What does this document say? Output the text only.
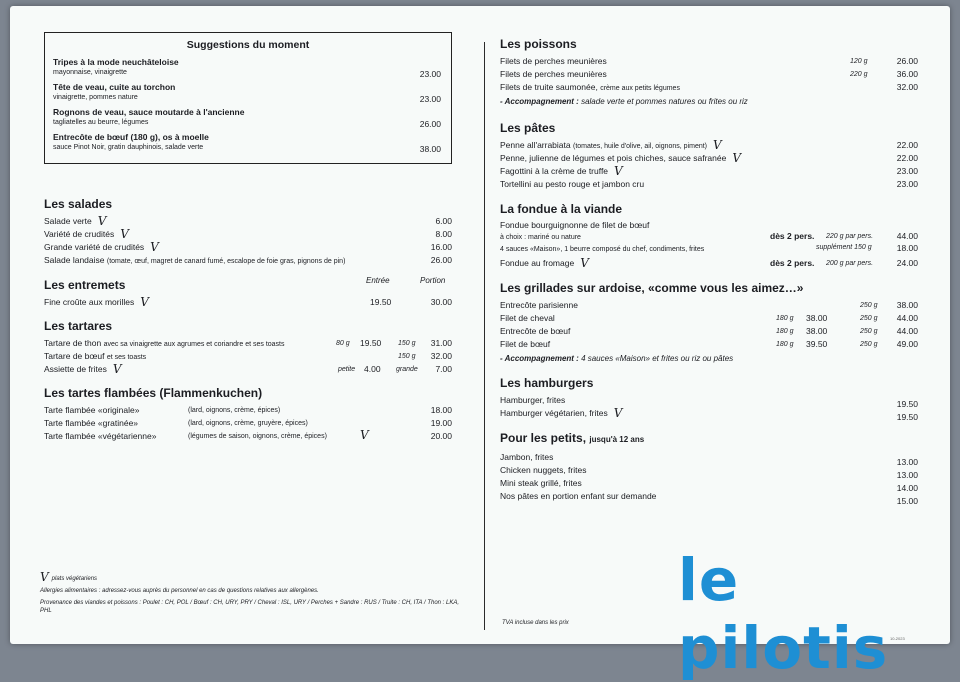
Suggestions du moment
Tripes à la mode neuchâteloise
mayonnaise, vinaigrette	23.00
Tête de veau, cuite au torchon
vinaigrette, pommes nature	23.00
Rognons de veau, sauce moutarde à l'ancienne
tagliatelles au beurre, légumes	26.00
Entrecôte de bœuf (180 g), os à moelle
sauce Pinot Noir, gratin dauphinois, salade verte	38.00
Les salades
Salade verte V	6.00
Variété de crudités V	8.00
Grande variété de crudités V	16.00
Salade landaise (tomate, œuf, magret de canard fumé, escalope de foie gras, pignons de pin)	26.00
Les entremets	Entrée	Portion
Fine croûte aux morilles V	19.50	30.00
Les tartares
Tartare de thon avec sa vinaigrette aux agrumes et coriandre et ses toasts	80 g 19.50 150 g 31.00
Tartare de bœuf et ses toasts	150 g 32.00
Assiette de frites V	petite 4.00 grande 7.00
Les tartes flambées (Flammenkuchen)
Tarte flambée «originale»	(lard, oignons, crème, épices)	18.00
Tarte flambée «gratinée»	(lard, oignons, crème, gruyère, épices)	19.00
Tarte flambée «végétarienne»	(légumes de saison, oignons, crème, épices)	V	20.00
Vplats végétariens
Allergies alimentaires : adressez-vous auprès du personnel en cas de questions relatives aux allergènes.
Provenance des viandes et poissons : Poulet : CH, POL / Bœuf : CH, URY, PRY / Cheval : ISL, URY / Perches + Sandre : RUS / Truite : CH, ITA / Thon : LKA, PHL
Les poissons
Filets de perches meunières	120 g	26.00
Filets de perches meunières	220 g	36.00
Filets de truite saumonée, crème aux petits légumes	32.00
- Accompagnement : salade verte et pommes natures ou frites ou riz
Les pâtes
Penne all'arrabiata (tomates, huile d'olive, ail, oignons, piment) V	22.00
Penne, julienne de légumes et pois chiches, sauce safranée V	22.00
Fagottini à la crème de truffe V	23.00
Tortellini au pesto rouge et jambon cru	23.00
La fondue à la viande
Fondue bourguignonne de filet de bœuf
à choix : mariné ou nature	dès 2 pers. 220 g par pers.	44.00
4 sauces «Maison», 1 beurre composé du chef, condiments, frites	supplément 150 g	18.00
Fondue au fromage V	dès 2 pers. 200 g par pers.	24.00
Les grillades sur ardoise, «comme vous les aimez…»
Entrecôte parisienne	250 g 38.00
Filet de cheval	180 g 38.00	250 g 44.00
Entrecôte de bœuf	180 g 38.00	250 g 44.00
Filet de bœuf	180 g 39.50	250 g 49.00
- Accompagnement : 4 sauces «Maison» et frites ou riz ou pâtes
Les hamburgers
Hamburger, frites	19.50
Hamburger végétarien, frites V	19.50
Pour les petits, jusqu'à 12 ans
Jambon, frites	13.00
Chicken nuggets, frites	13.00
Mini steak grillé, frites	14.00
Nos pâtes en portion enfant sur demande	15.00
TVA incluse dans les prix
le pilotis 10-2023
